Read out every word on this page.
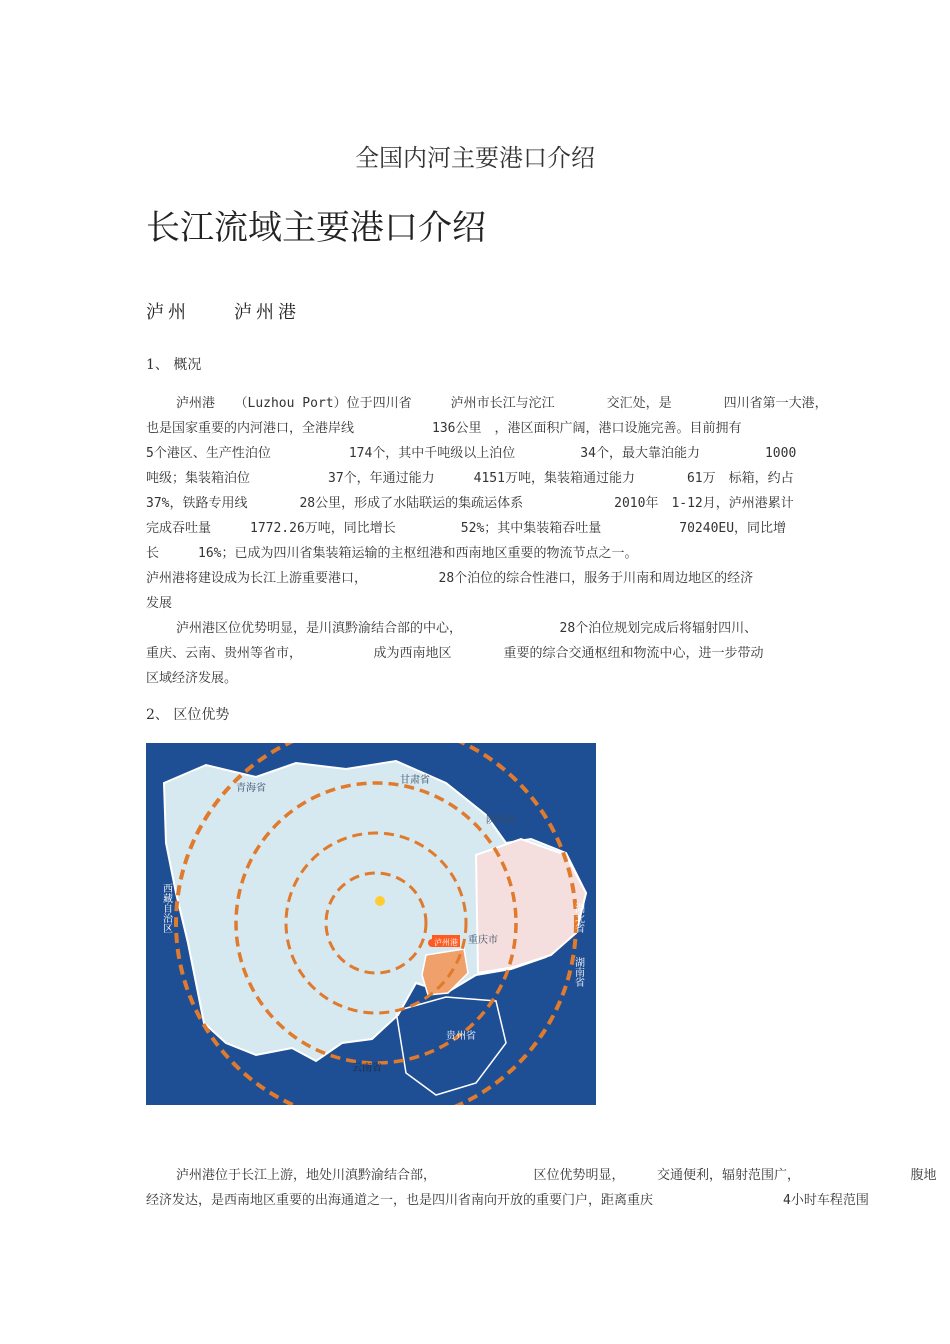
全国内河主要港口介绍
长江流域主要港口介绍
泸州　　泸州港
1、 概况
泸州港　　（Luzhou Port）位于四川省　　　泸州市长江与沱江　　　　交汇处，是　　　　四川省第一大港，
也是国家重要的内河港口，全港岸线　　　　　　136公里　，港区面积广阔，港口设施完善。目前拥有
5个港区、生产性泊位　　　　　　174个，其中千吨级以上泊位　　　　　34个，最大靠泊能力　　　　　1000
吨级；集装箱泊位　　　　　　37个，年通过能力　　　4151万吨，集装箱通过能力　　　　61万　标箱，约占
37%，铁路专用线　　　　28公里，形成了水陆联运的集疏运体系　　　　　　　2010年　1-12月，泸州港累计
完成吞吐量　　　1772.26万吨，同比增长　　　　　52%；其中集装箱吞吐量　　　　　　70240EU，同比增
长　　　16%；已成为四川省集装箱运输的主枢纽港和西南地区重要的物流节点之一。
泸州港将建设成为长江上游重要港口，　　　　　　28个泊位的综合性港口，服务于川南和周边地区的经济
发展
泸州港区位优势明显，是川滇黔渝结合部的中心，　　　　　　　　28个泊位规划完成后将辐射四川、
重庆、云南、贵州等省市，　　　　　　成为西南地区　　　　重要的综合交通枢纽和物流中心，进一步带动
区域经济发展。
2、 区位优势
泸州港
青海省
甘肃省
陕西省
重庆市
云南省
贵州省
西藏自治区	湖北省
湖南省
泸州港位于长江上游，地处川滇黔渝结合部，　　　　　　　　区位优势明显，　　　交通便利，辐射范围广，　　　　　　　　　腹地
经济发达，是西南地区重要的出海通道之一，也是四川省南向开放的重要门户，距离重庆　　　　　　　　　　4小时车程范围
